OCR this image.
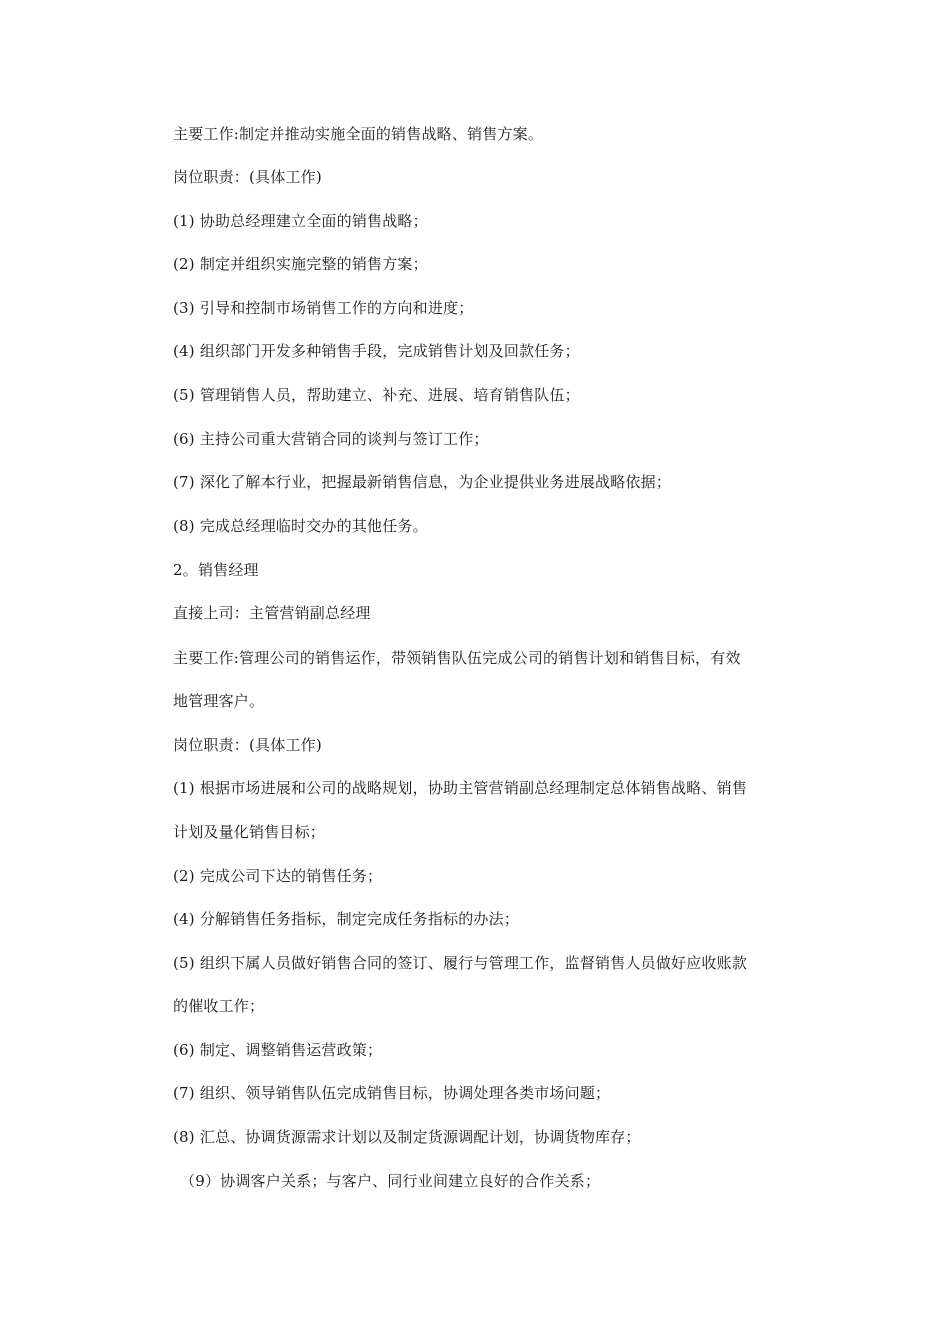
主要工作:制定并推动实施全面的销售战略、销售方案。
岗位职责：(具体工作)
(1) 协助总经理建立全面的销售战略；
(2) 制定并组织实施完整的销售方案；
(3) 引导和控制市场销售工作的方向和进度；
(4) 组织部门开发多种销售手段，完成销售计划及回款任务；
(5) 管理销售人员，帮助建立、补充、进展、培育销售队伍；
(6) 主持公司重大营销合同的谈判与签订工作；
(7) 深化了解本行业，把握最新销售信息，为企业提供业务进展战略依据；
(8) 完成总经理临时交办的其他任务。
2。销售经理
直接上司：主管营销副总经理
主要工作:管理公司的销售运作，带领销售队伍完成公司的销售计划和销售目标，有效
地管理客户。
岗位职责：(具体工作)
(1) 根据市场进展和公司的战略规划，协助主管营销副总经理制定总体销售战略、销售
计划及量化销售目标；
(2) 完成公司下达的销售任务；
(4) 分解销售任务指标，制定完成任务指标的办法；
(5) 组织下属人员做好销售合同的签订、履行与管理工作，监督销售人员做好应收账款
的催收工作；
(6) 制定、调整销售运营政策；
(7) 组织、领导销售队伍完成销售目标，协调处理各类市场问题；
(8) 汇总、协调货源需求计划以及制定货源调配计划，协调货物库存；
（9）协调客户关系；与客户、同行业间建立良好的合作关系；
